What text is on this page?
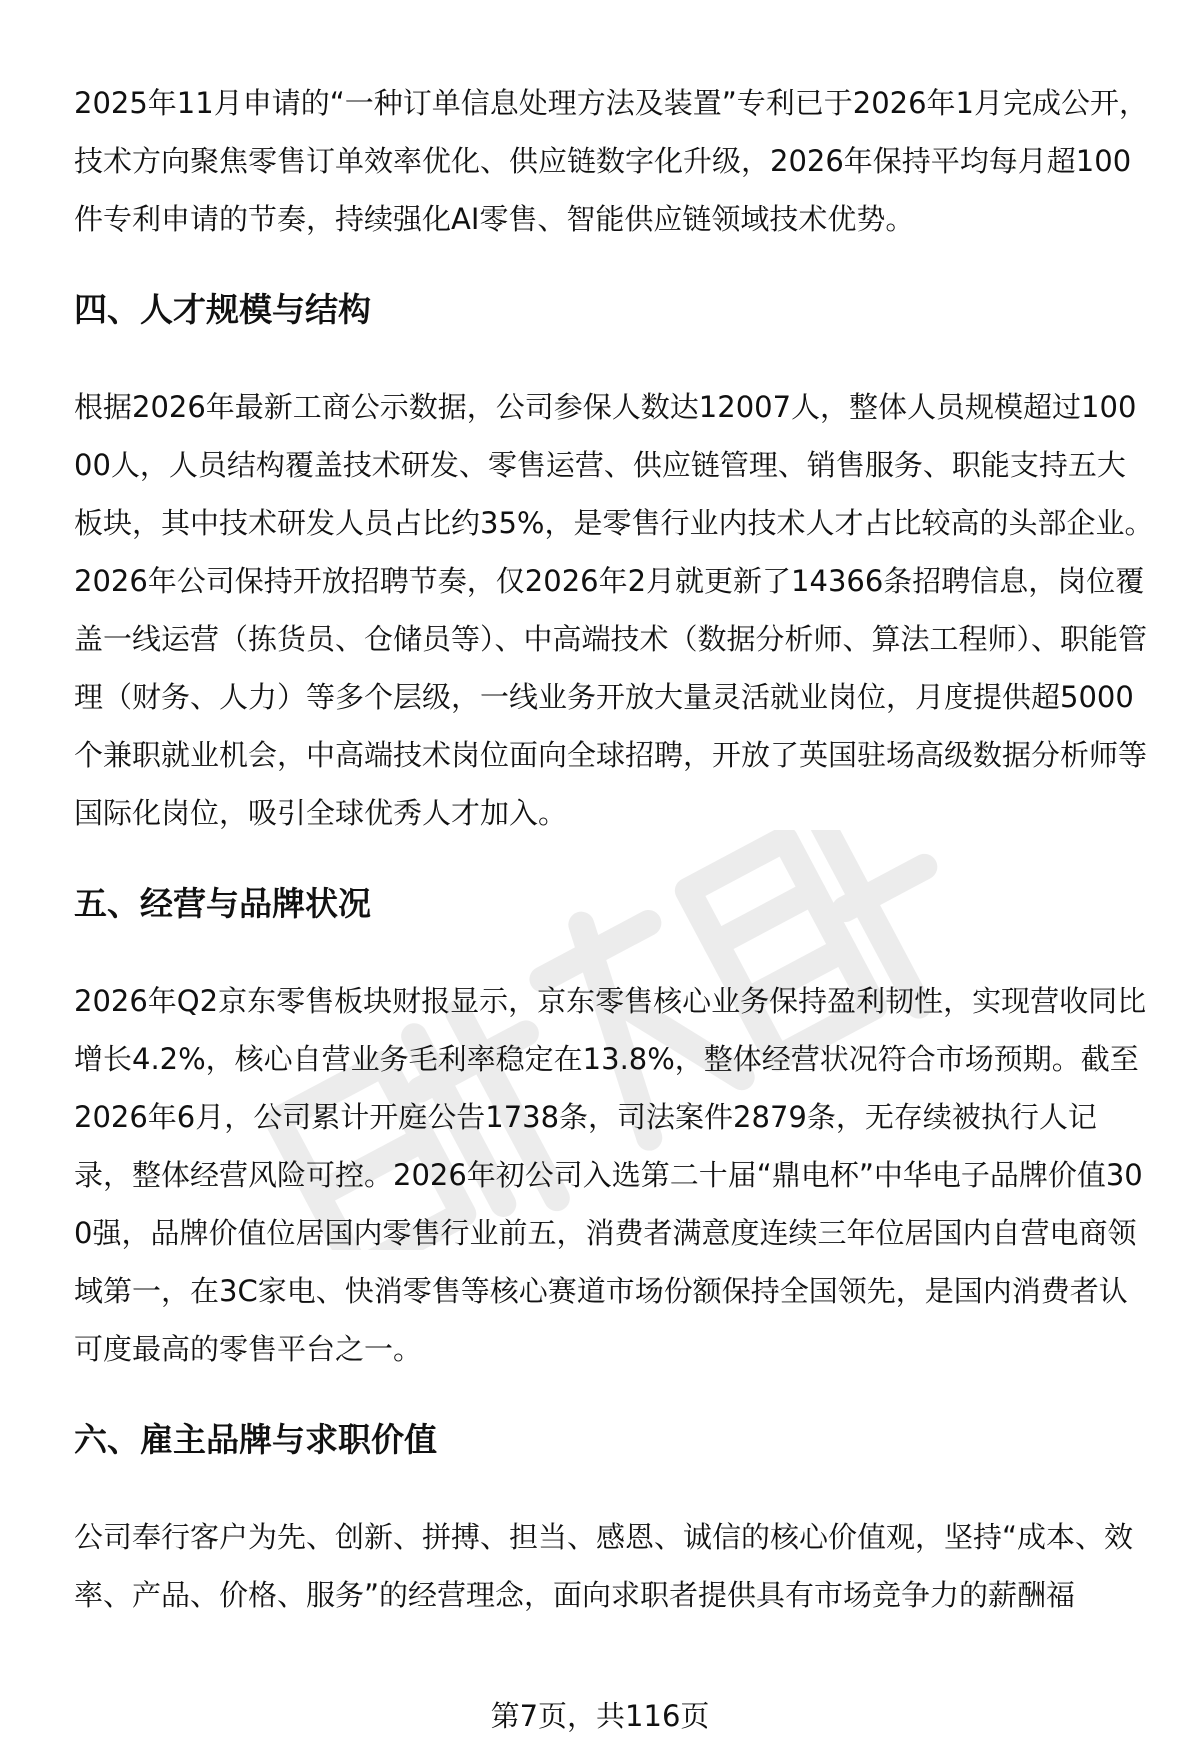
2025年11月申请的“一种订单信息处理方法及装置”专利已于2026年1月完成公开，技术方向聚焦零售订单效率优化、供应链数字化升级，2026年保持平均每月超100件专利申请的节奏，持续强化AI零售、智能供应链领域技术优势。

四、人才规模与结构

根据2026年最新工商公示数据，公司参保人数达12007人，整体人员规模超过10000人，人员结构覆盖技术研发、零售运营、供应链管理、销售服务、职能支持五大板块，其中技术研发人员占比约35%，是零售行业内技术人才占比较高的头部企业。2026年公司保持开放招聘节奏，仅2026年2月就更新了14366条招聘信息，岗位覆盖一线运营（拣货员、仓储员等）、中高端技术（数据分析师、算法工程师）、职能管理（财务、人力）等多个层级，一线业务开放大量灵活就业岗位，月度提供超5000个兼职就业机会，中高端技术岗位面向全球招聘，开放了英国驻场高级数据分析师等国际化岗位，吸引全球优秀人才加入。

五、经营与品牌状况

2026年Q2京东零售板块财报显示，京东零售核心业务保持盈利韧性，实现营收同比增长4.2%，核心自营业务毛利率稳定在13.8%，整体经营状况符合市场预期。截至2026年6月，公司累计开庭公告1738条，司法案件2879条，无存续被执行人记录，整体经营风险可控。2026年初公司入选第二十届“鼎电杯”中华电子品牌价值300强，品牌价值位居国内零售行业前五，消费者满意度连续三年位居国内自营电商领域第一，在3C家电、快消零售等核心赛道市场份额保持全国领先，是国内消费者认可度最高的零售平台之一。

六、雇主品牌与求职价值

公司奉行客户为先、创新、拼搏、担当、感恩、诚信的核心价值观，坚持“成本、效率、产品、价格、服务”的经营理念，面向求职者提供具有市场竞争力的薪酬福

第7页，共116页
